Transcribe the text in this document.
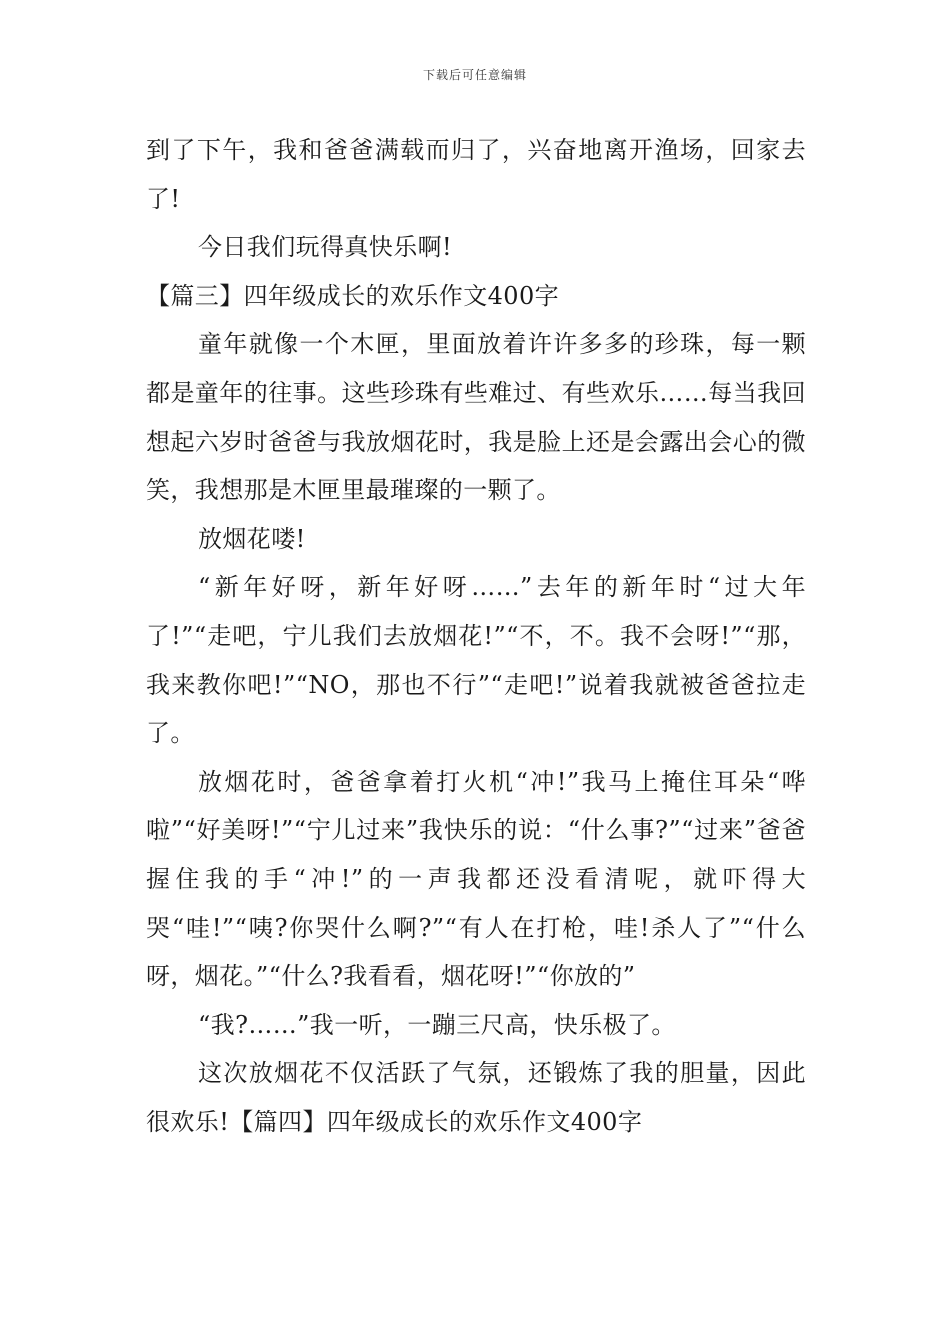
下载后可任意编辑

到了下午，我和爸爸满载而归了，兴奋地离开渔场，回家去了!

今日我们玩得真快乐啊!

【篇三】四年级成长的欢乐作文400字

童年就像一个木匣，里面放着许许多多的珍珠，每一颗都是童年的往事。这些珍珠有些难过、有些欢乐……每当我回想起六岁时爸爸与我放烟花时，我是脸上还是会露出会心的微笑，我想那是木匣里最璀璨的一颗了。

放烟花喽!

“新年好呀，新年好呀……”去年的新年时“过大年了!”“走吧，宁儿我们去放烟花!”“不，不。我不会呀!”“那，我来教你吧!”“NO，那也不行”“走吧!”说着我就被爸爸拉走了。

放烟花时，爸爸拿着打火机“冲!”我马上掩住耳朵“哗啦”“好美呀!”“宁儿过来”我快乐的说：“什么事?”“过来”爸爸握住我的手“冲!”的一声我都还没看清呢，就吓得大哭“哇!”“咦?你哭什么啊?”“有人在打枪，哇!杀人了”“什么呀，烟花。”“什么?我看看，烟花呀!”“你放的”

“我?……”我一听，一蹦三尺高，快乐极了。

这次放烟花不仅活跃了气氛，还锻炼了我的胆量，因此很欢乐!【篇四】四年级成长的欢乐作文400字
